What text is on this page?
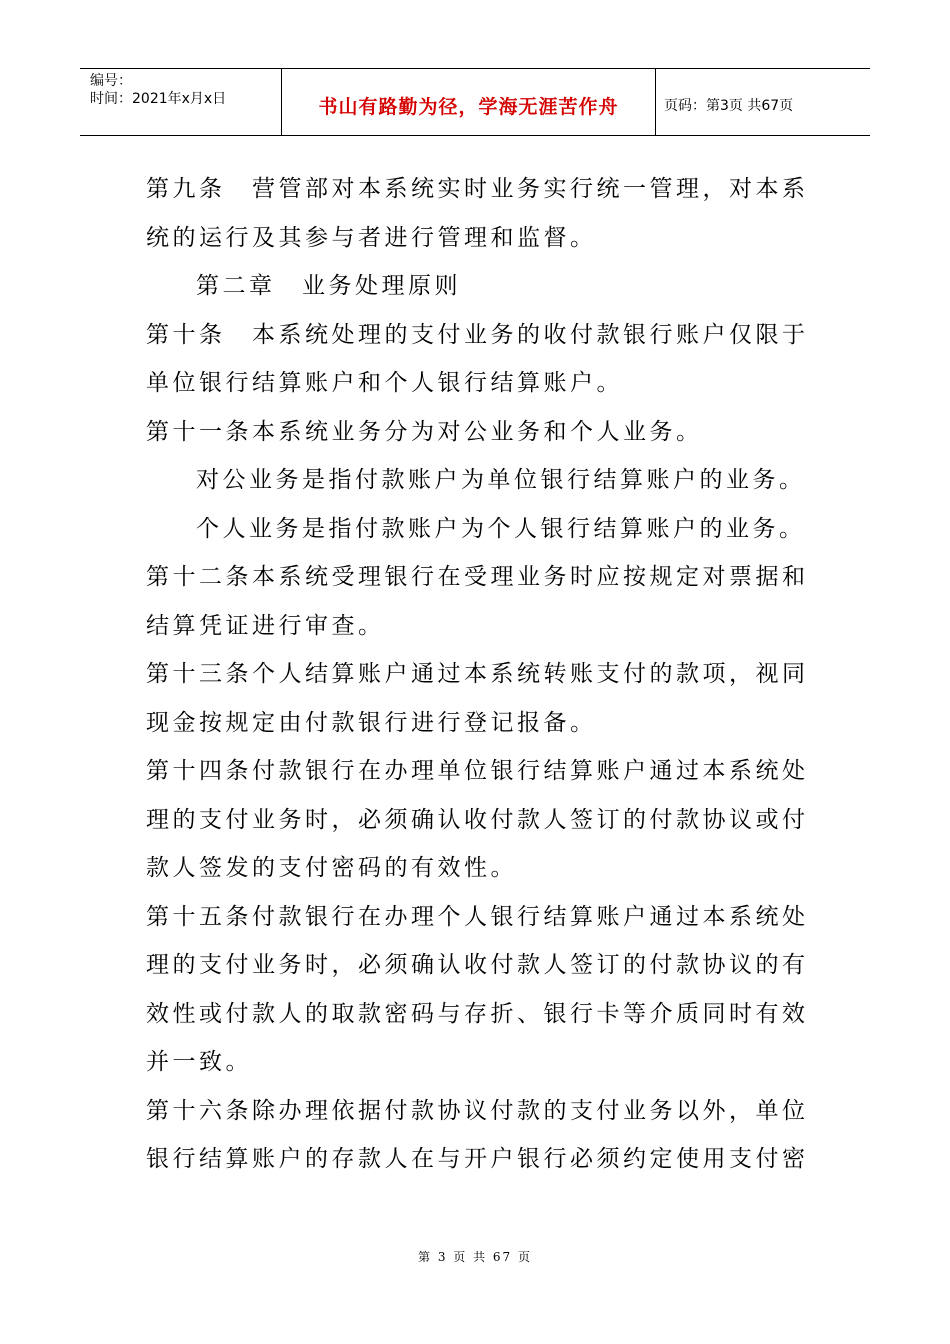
编号：
时间：2021年x月x日	书山有路勤为径，学海无涯苦作舟	页码：第3页 共67页

第九条　营管部对本系统实时业务实行统一管理，对本系统的运行及其参与者进行管理和监督。

第二章　业务处理原则

第十条　本系统处理的支付业务的收付款银行账户仅限于单位银行结算账户和个人银行结算账户。

第十一条本系统业务分为对公业务和个人业务。

对公业务是指付款账户为单位银行结算账户的业务。

个人业务是指付款账户为个人银行结算账户的业务。

第十二条本系统受理银行在受理业务时应按规定对票据和结算凭证进行审查。

第十三条个人结算账户通过本系统转账支付的款项，视同现金按规定由付款银行进行登记报备。

第十四条付款银行在办理单位银行结算账户通过本系统处理的支付业务时，必须确认收付款人签订的付款协议或付款人签发的支付密码的有效性。

第十五条付款银行在办理个人银行结算账户通过本系统处理的支付业务时，必须确认收付款人签订的付款协议的有效性或付款人的取款密码与存折、银行卡等介质同时有效并一致。

第十六条除办理依据付款协议付款的支付业务以外，单位银行结算账户的存款人在与开户银行必须约定使用支付密

第 3 页 共 67 页
